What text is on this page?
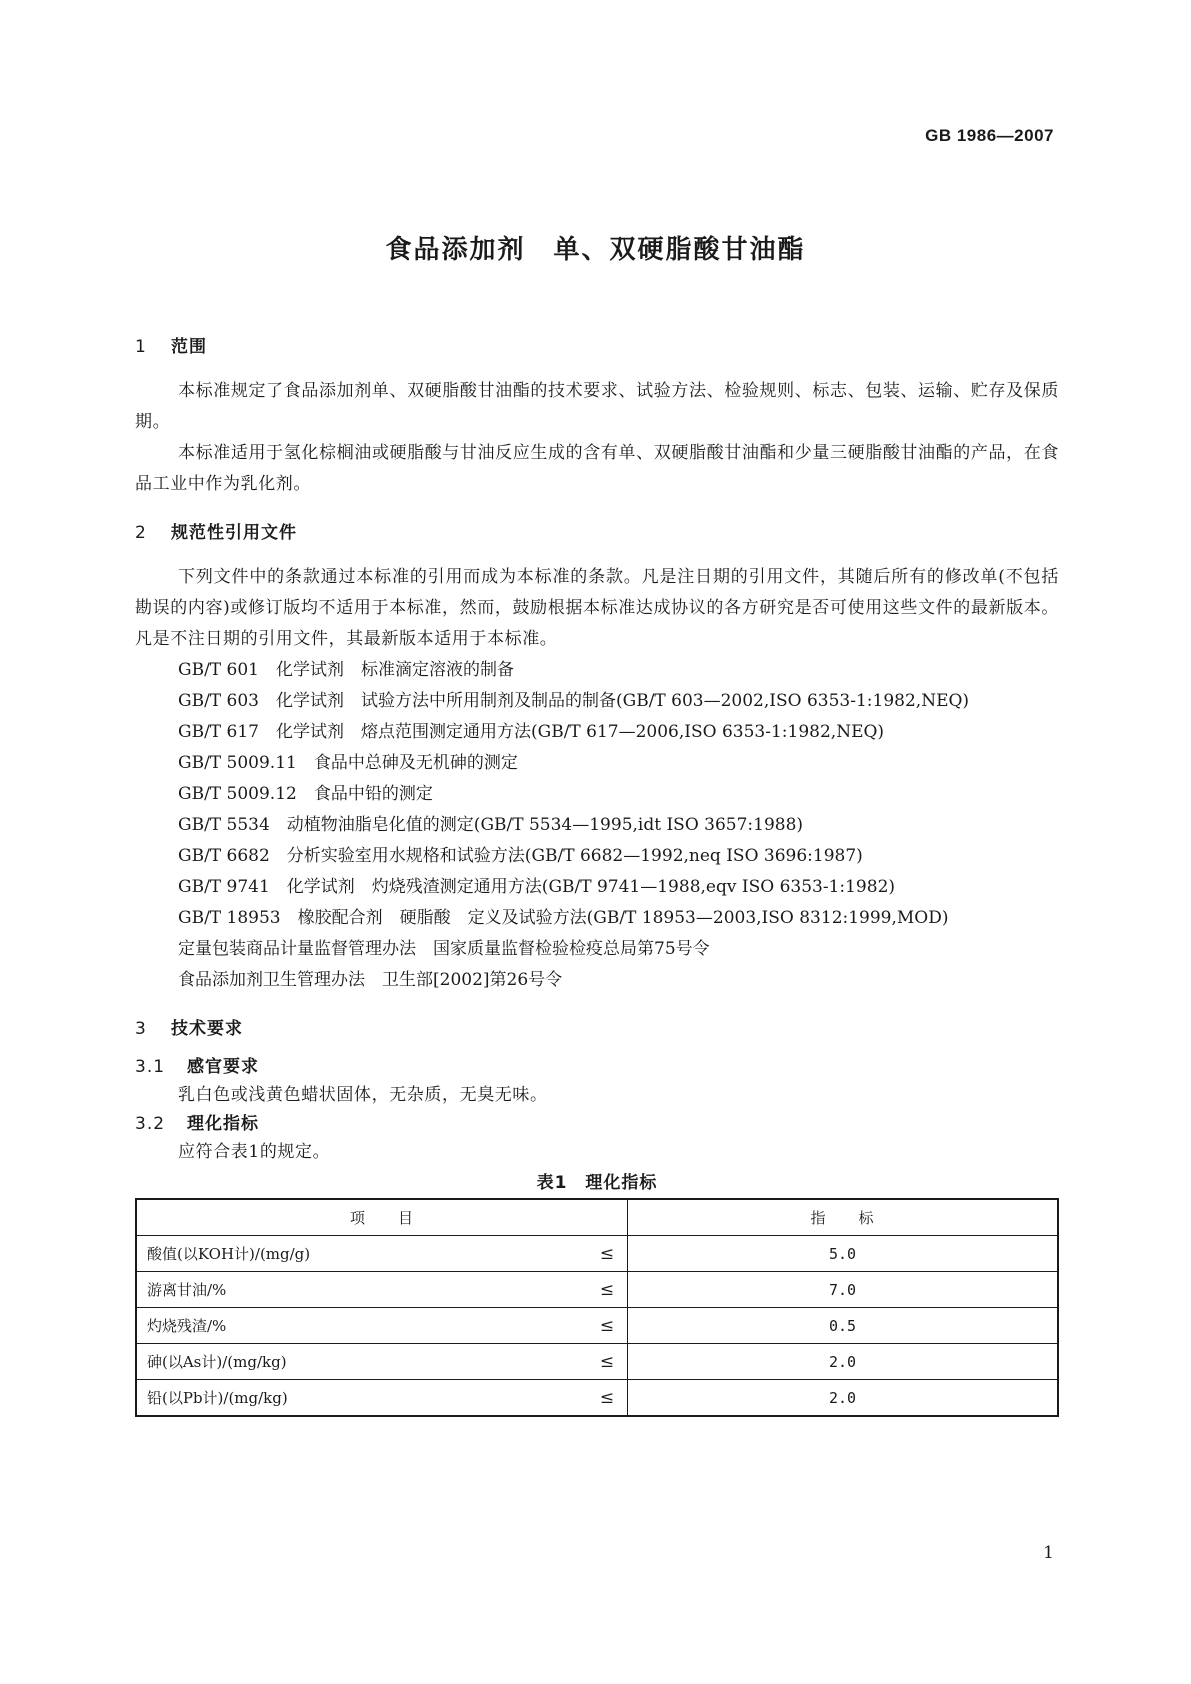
GB 1986—2007
食品添加剂　单、双硬脂酸甘油酯
1 范围

本标准规定了食品添加剂单、双硬脂酸甘油酯的技术要求、试验方法、检验规则、标志、包装、运输、贮存及保质期。

本标准适用于氢化棕榈油或硬脂酸与甘油反应生成的含有单、双硬脂酸甘油酯和少量三硬脂酸甘油酯的产品，在食品工业中作为乳化剂。

2 规范性引用文件

下列文件中的条款通过本标准的引用而成为本标准的条款。凡是注日期的引用文件，其随后所有的修改单(不包括勘误的内容)或修订版均不适用于本标准，然而，鼓励根据本标准达成协议的各方研究是否可使用这些文件的最新版本。凡是不注日期的引用文件，其最新版本适用于本标准。

GB/T 601　化学试剂　标准滴定溶液的制备

GB/T 603　化学试剂　试验方法中所用制剂及制品的制备(GB/T 603—2002,ISO 6353-1:1982,NEQ)

GB/T 617　化学试剂　熔点范围测定通用方法(GB/T 617—2006,ISO 6353-1:1982,NEQ)

GB/T 5009.11　食品中总砷及无机砷的测定

GB/T 5009.12　食品中铅的测定

GB/T 5534　动植物油脂皂化值的测定(GB/T 5534—1995,idt ISO 3657:1988)

GB/T 6682　分析实验室用水规格和试验方法(GB/T 6682—1992,neq ISO 3696:1987)

GB/T 9741　化学试剂　灼烧残渣测定通用方法(GB/T 9741—1988,eqv ISO 6353-1:1982)

GB/T 18953　橡胶配合剂　硬脂酸　定义及试验方法(GB/T 18953—2003,ISO 8312:1999,MOD)

定量包装商品计量监督管理办法　国家质量监督检验检疫总局第75号令

食品添加剂卫生管理办法　卫生部[2002]第26号令

3 技术要求
3.1 感官要求

乳白色或浅黄色蜡状固体，无杂质，无臭无味。

3.2 理化指标

应符合表1的规定。

表1　理化指标
项　　目		指　　标
酸值(以KOH计)/(mg/g)	≤	5.0
游离甘油/%	≤	7.0
灼烧残渣/%	≤	0.5
砷(以As计)/(mg/kg)	≤	2.0
铅(以Pb计)/(mg/kg)	≤	2.0
1
